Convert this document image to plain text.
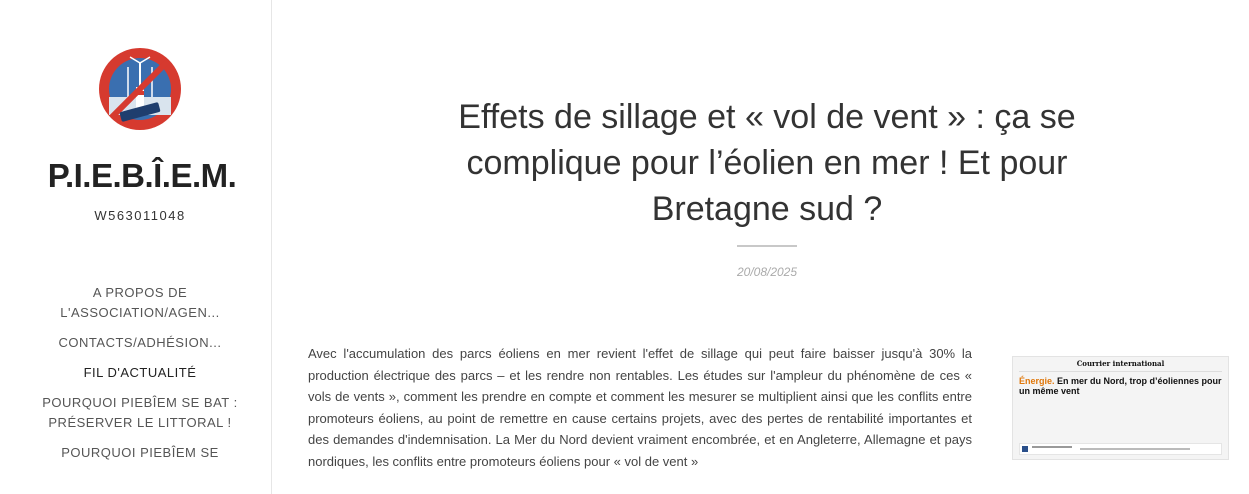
P.I.E.B.Î.E.M.
W563011048
A PROPOS DE L'ASSOCIATION/AGEN...
CONTACTS/ADHÉSION...
FIL D'ACTUALITÉ
POURQUOI PIEBÎEM SE BAT : PRÉSERVER LE LITTORAL !
POURQUOI PIEBÎEM SE
Effets de sillage et « vol de vent » : ça se complique pour l’éolien en mer ! Et pour Bretagne sud ?
20/08/2025

Avec l'accumulation des parcs éoliens en mer revient l'effet de sillage qui peut faire baisser jusqu'à 30% la production électrique des parcs – et les rendre non rentables. Les études sur l'ampleur du phénomène de ces « vols de vents », comment les prendre en compte et comment les mesurer se multiplient ainsi que les conflits entre promoteurs éoliens, au point de remettre en cause certains projets, avec des pertes de rentabilité importantes et des demandes d'indemnisation. La Mer du Nord devient vraiment encombrée, et en Angleterre, Allemagne et pays nordiques, les conflits entre promoteurs éoliens pour « vol de vent »

Courrier international
Énergie. En mer du Nord, trop d’éoliennes pour un même vent
